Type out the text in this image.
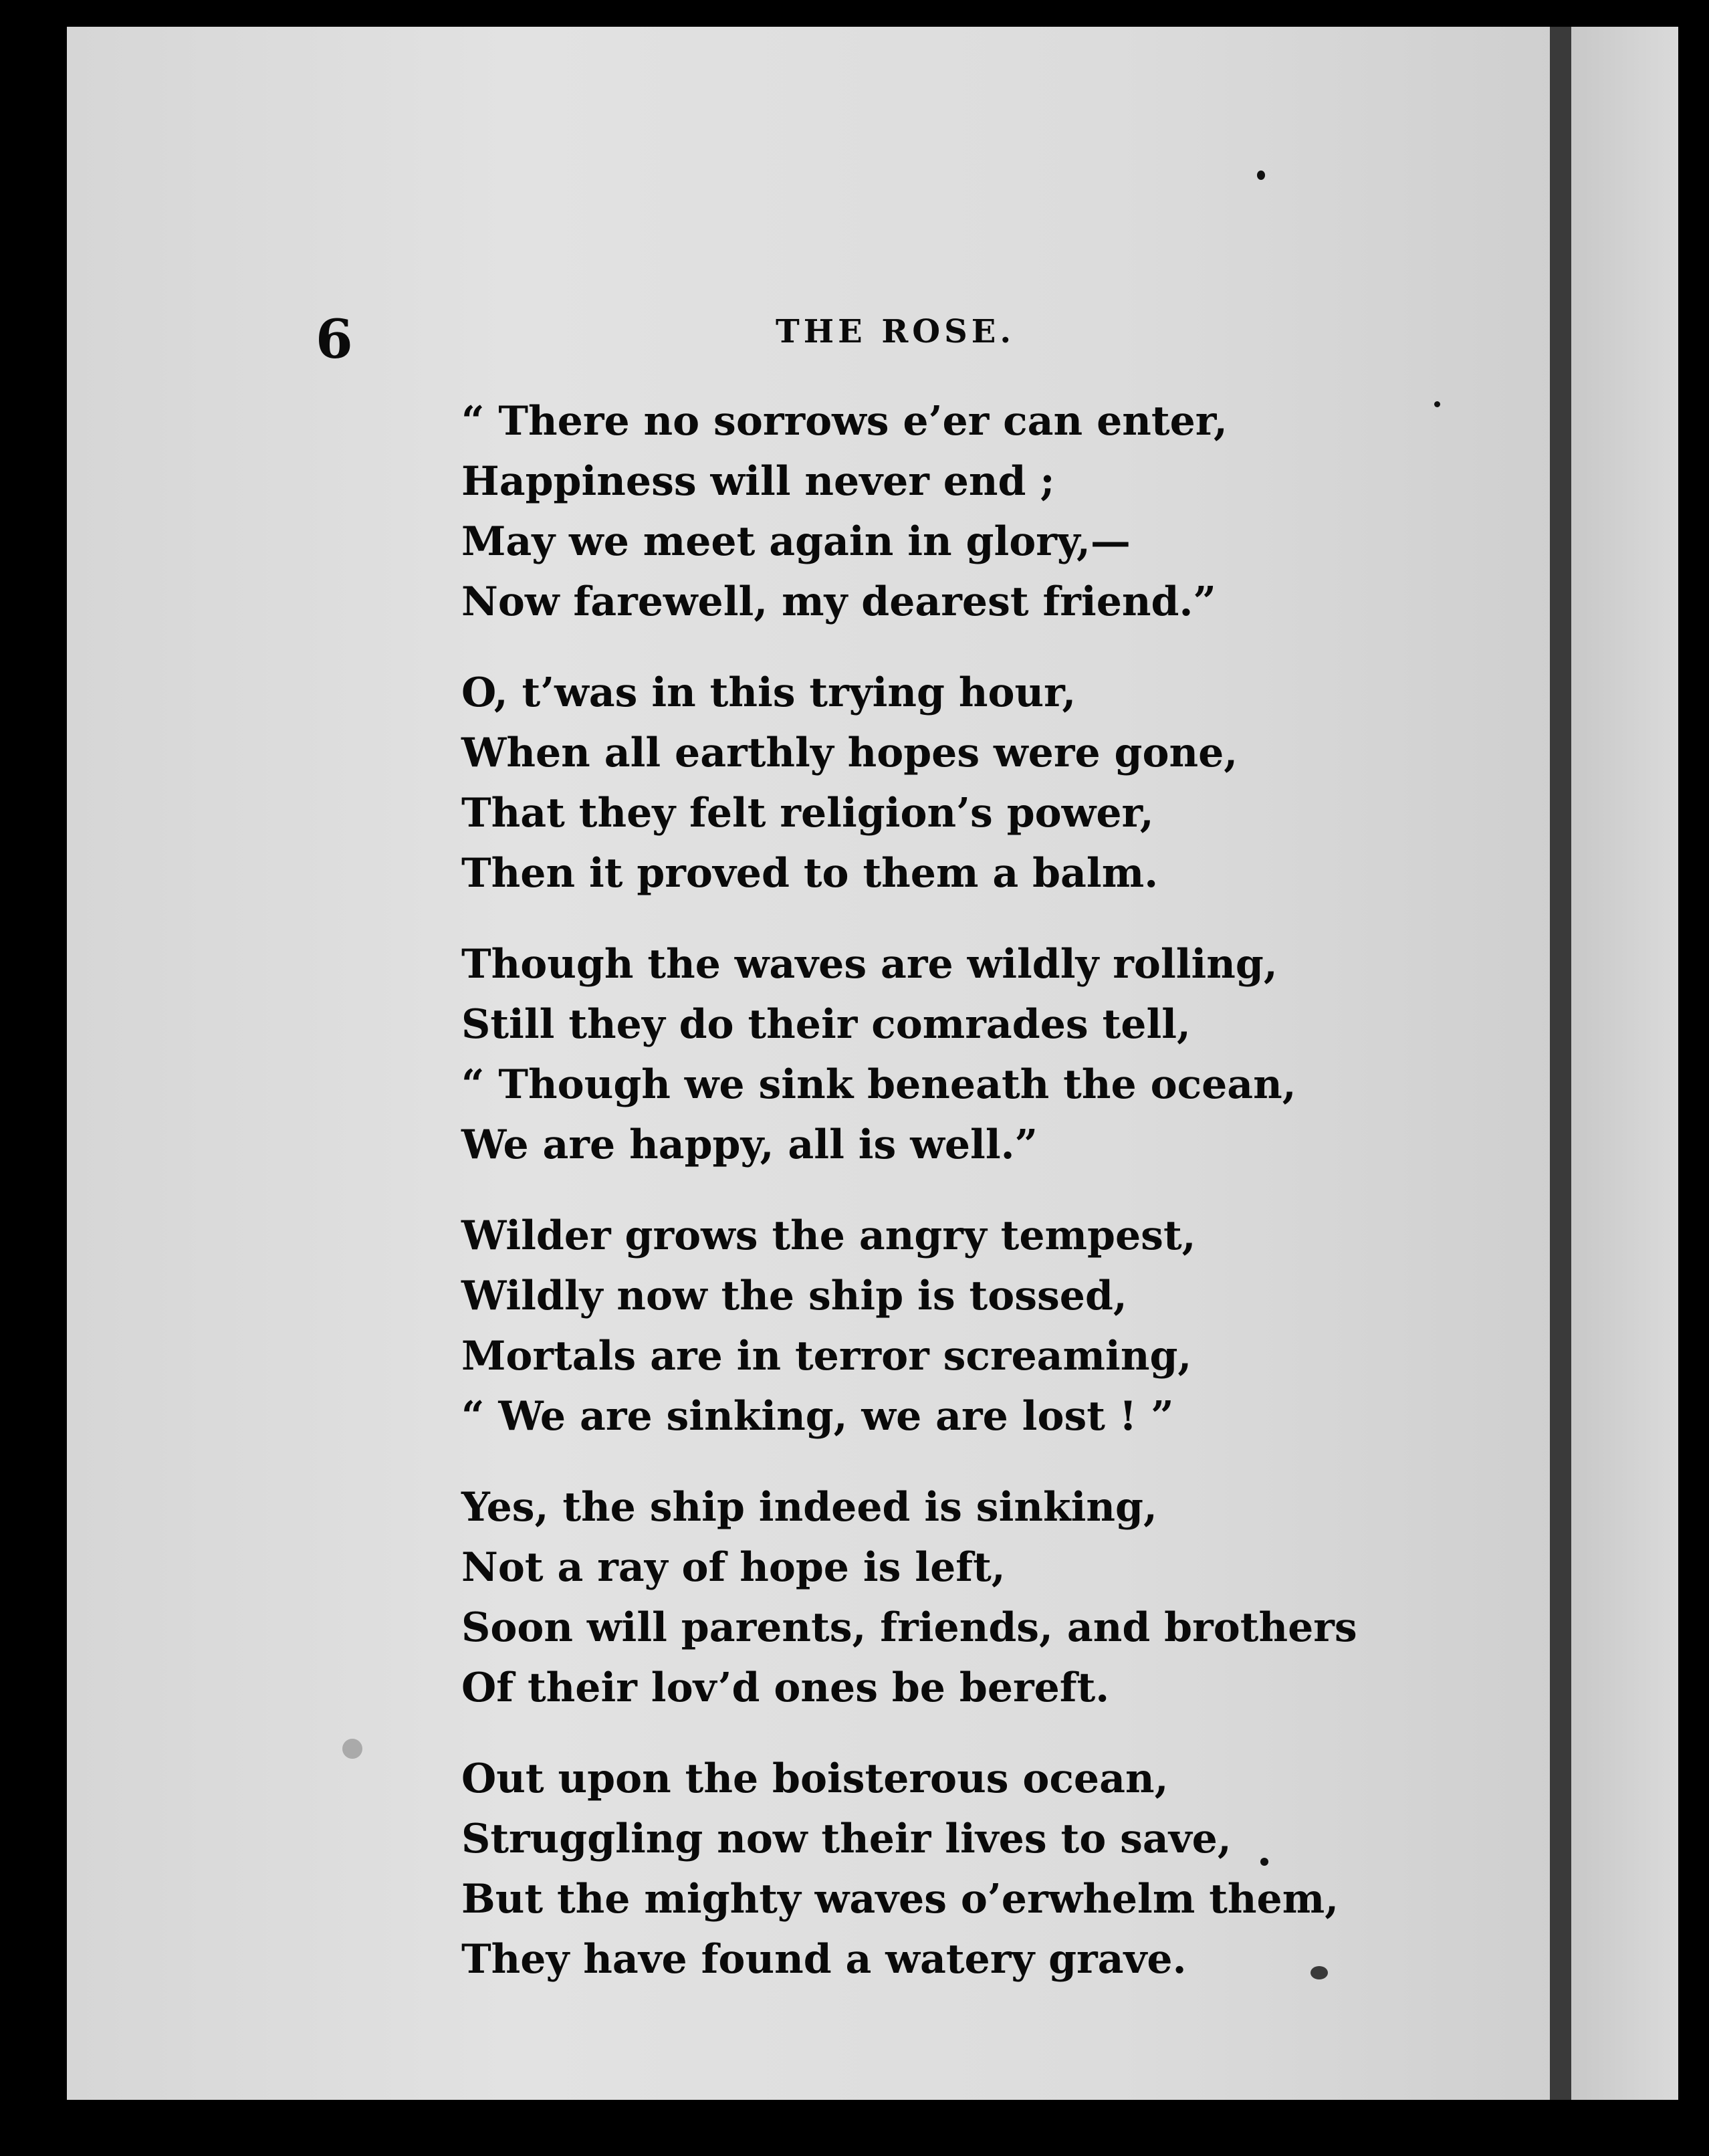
6	THE ROSE.
“ There no sorrows e’er can enter,
Happiness will never end ;
May we meet again in glory,—
Now farewell, my dearest friend.”
O, t’was in this trying hour,
When all earthly hopes were gone,
That they felt religion’s power,
Then it proved to them a balm.
Though the waves are wildly rolling,
Still they do their comrades tell,
“ Though we sink beneath the ocean,
We are happy, all is well.”
Wilder grows the angry tempest,
Wildly now the ship is tossed,
Mortals are in terror screaming,
“ We are sinking, we are lost ! ”
Yes, the ship indeed is sinking,
Not a ray of hope is left,
Soon will parents, friends, and brothers
Of their lov’d ones be bereft.
Out upon the boisterous ocean,
Struggling now their lives to save,
But the mighty waves o’erwhelm them,
They have found a watery grave.
